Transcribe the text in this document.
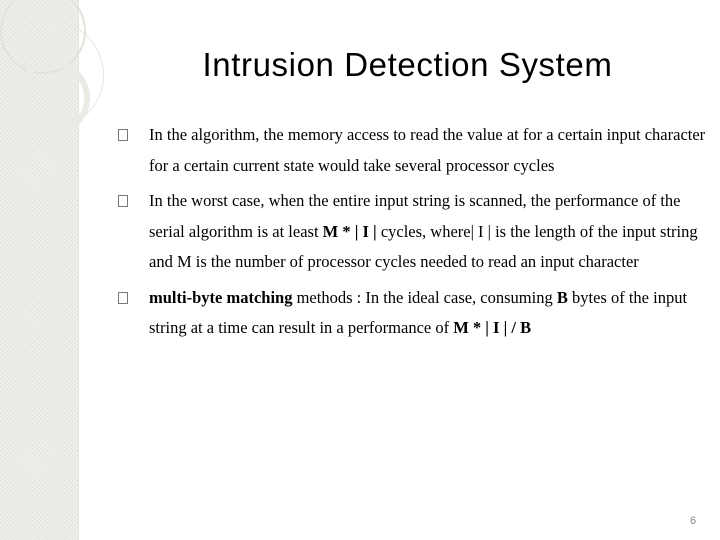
Intrusion Detection System
In the algorithm, the memory access to read the value at for a certain input character for a certain current state would take several processor cycles
In the worst case, when the entire input string is scanned, the performance of the serial algorithm is at least M * | I | cycles, where| I | is the length of the input string and M is the number of processor cycles needed to read an input character
multi-byte matching methods : In the ideal case, consuming B bytes of the input string at a time can result in a performance of M * | I | / B
6
